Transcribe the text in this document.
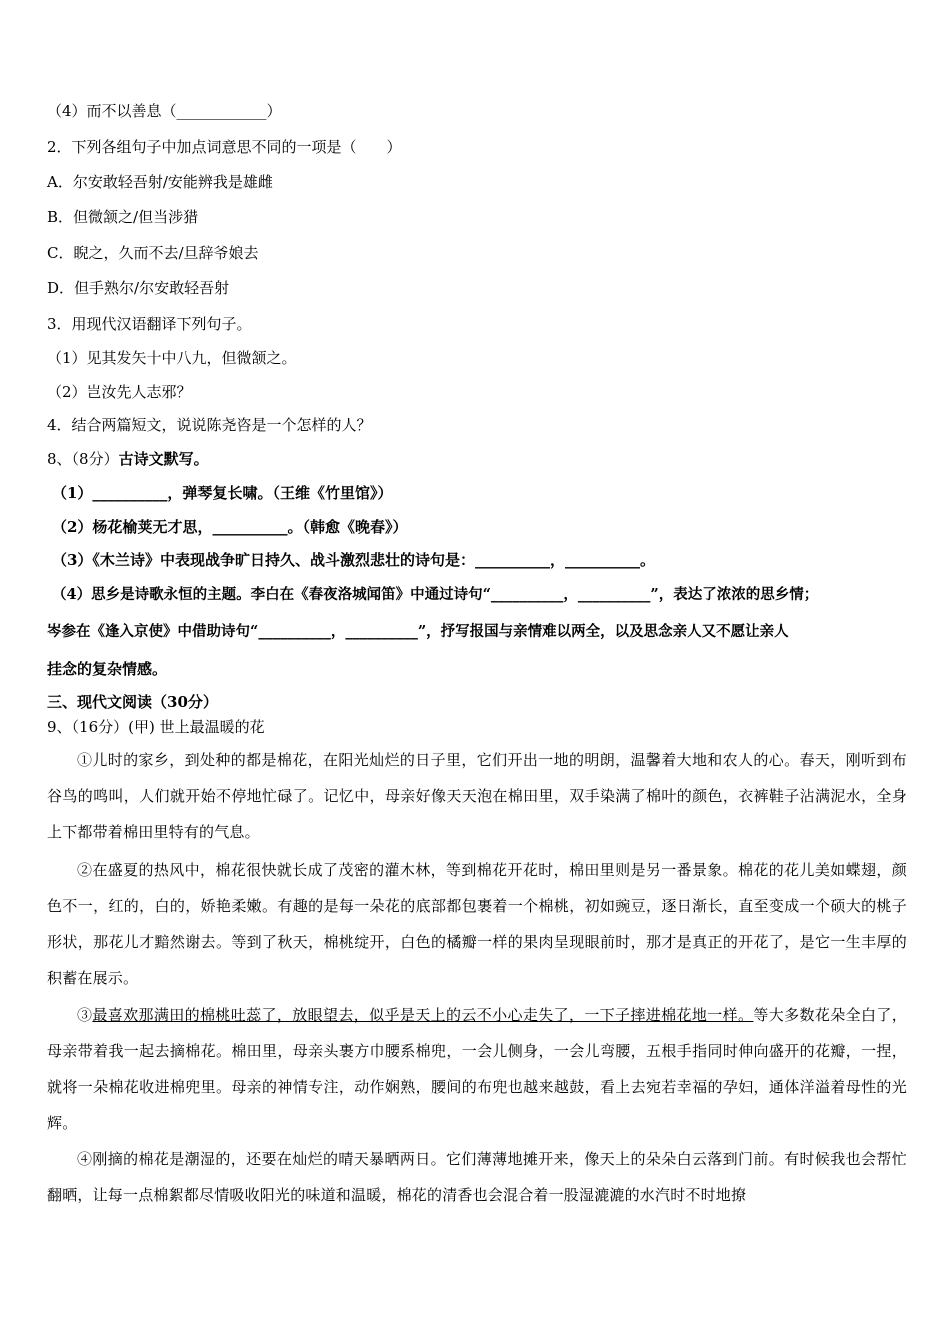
（4）而不以善息（____________）
2．下列各组句子中加点词意思不同的一项是（　　）
A．尔安敢轻吾射/安能辨我是雄雌
B．但微颔之/但当涉猎
C．睨之，久而不去/旦辞爷娘去
D．但手熟尔/尔安敢轻吾射
3．用现代汉语翻译下列句子。
（1）见其发矢十中八九，但微颔之。
（2）岂汝先人志邪？
4．结合两篇短文，说说陈尧咨是一个怎样的人？
8、（8分）古诗文默写。
（1）__________，弹琴复长啸。（王维《竹里馆》）
（2）杨花榆荚无才思，__________。（韩愈《晚春》）
（3）《木兰诗》中表现战争旷日持久、战斗激烈悲壮的诗句是：__________，__________。
（4）思乡是诗歌永恒的主题。李白在《春夜洛城闻笛》中通过诗句“__________，__________”，表达了浓浓的思乡情；
岑参在《逢入京使》中借助诗句“__________，__________”，抒写报国与亲情难以两全，以及思念亲人又不愿让亲人
挂念的复杂情感。
三、现代文阅读（30分）
9、（16分）(甲) 世上最温暖的花
①儿时的家乡，到处种的都是棉花，在阳光灿烂的日子里，它们开出一地的明朗，温馨着大地和农人的心。春天，刚听到布谷鸟的鸣叫，人们就开始不停地忙碌了。记忆中，母亲好像天天泡在棉田里，双手染满了棉叶的颜色，衣裤鞋子沾满泥水，全身上下都带着棉田里特有的气息。
②在盛夏的热风中，棉花很快就长成了茂密的灌木林，等到棉花开花时，棉田里则是另一番景象。棉花的花儿美如蝶翅，颜色不一，红的，白的，娇艳柔嫩。有趣的是每一朵花的底部都包裹着一个棉桃，初如豌豆，逐日渐长，直至变成一个硕大的桃子形状，那花儿才黯然谢去。等到了秋天，棉桃绽开，白色的橘瓣一样的果肉呈现眼前时，那才是真正的开花了，是它一生丰厚的积蓄在展示。
③最喜欢那满田的棉桃吐蕊了，放眼望去，似乎是天上的云不小心走失了，一下子摔进棉花地一样。等大多数花朵全白了，母亲带着我一起去摘棉花。棉田里，母亲头裹方巾腰系棉兜，一会儿侧身，一会儿弯腰，五根手指同时伸向盛开的花瓣，一捏，就将一朵棉花收进棉兜里。母亲的神情专注，动作娴熟，腰间的布兜也越来越鼓，看上去宛若幸福的孕妇，通体洋溢着母性的光辉。
④刚摘的棉花是潮湿的，还要在灿烂的晴天暴晒两日。它们薄薄地摊开来，像天上的朵朵白云落到门前。有时候我也会帮忙翻晒，让每一点棉絮都尽情吸收阳光的味道和温暖，棉花的清香也会混合着一股湿漉漉的水汽时不时地撩
